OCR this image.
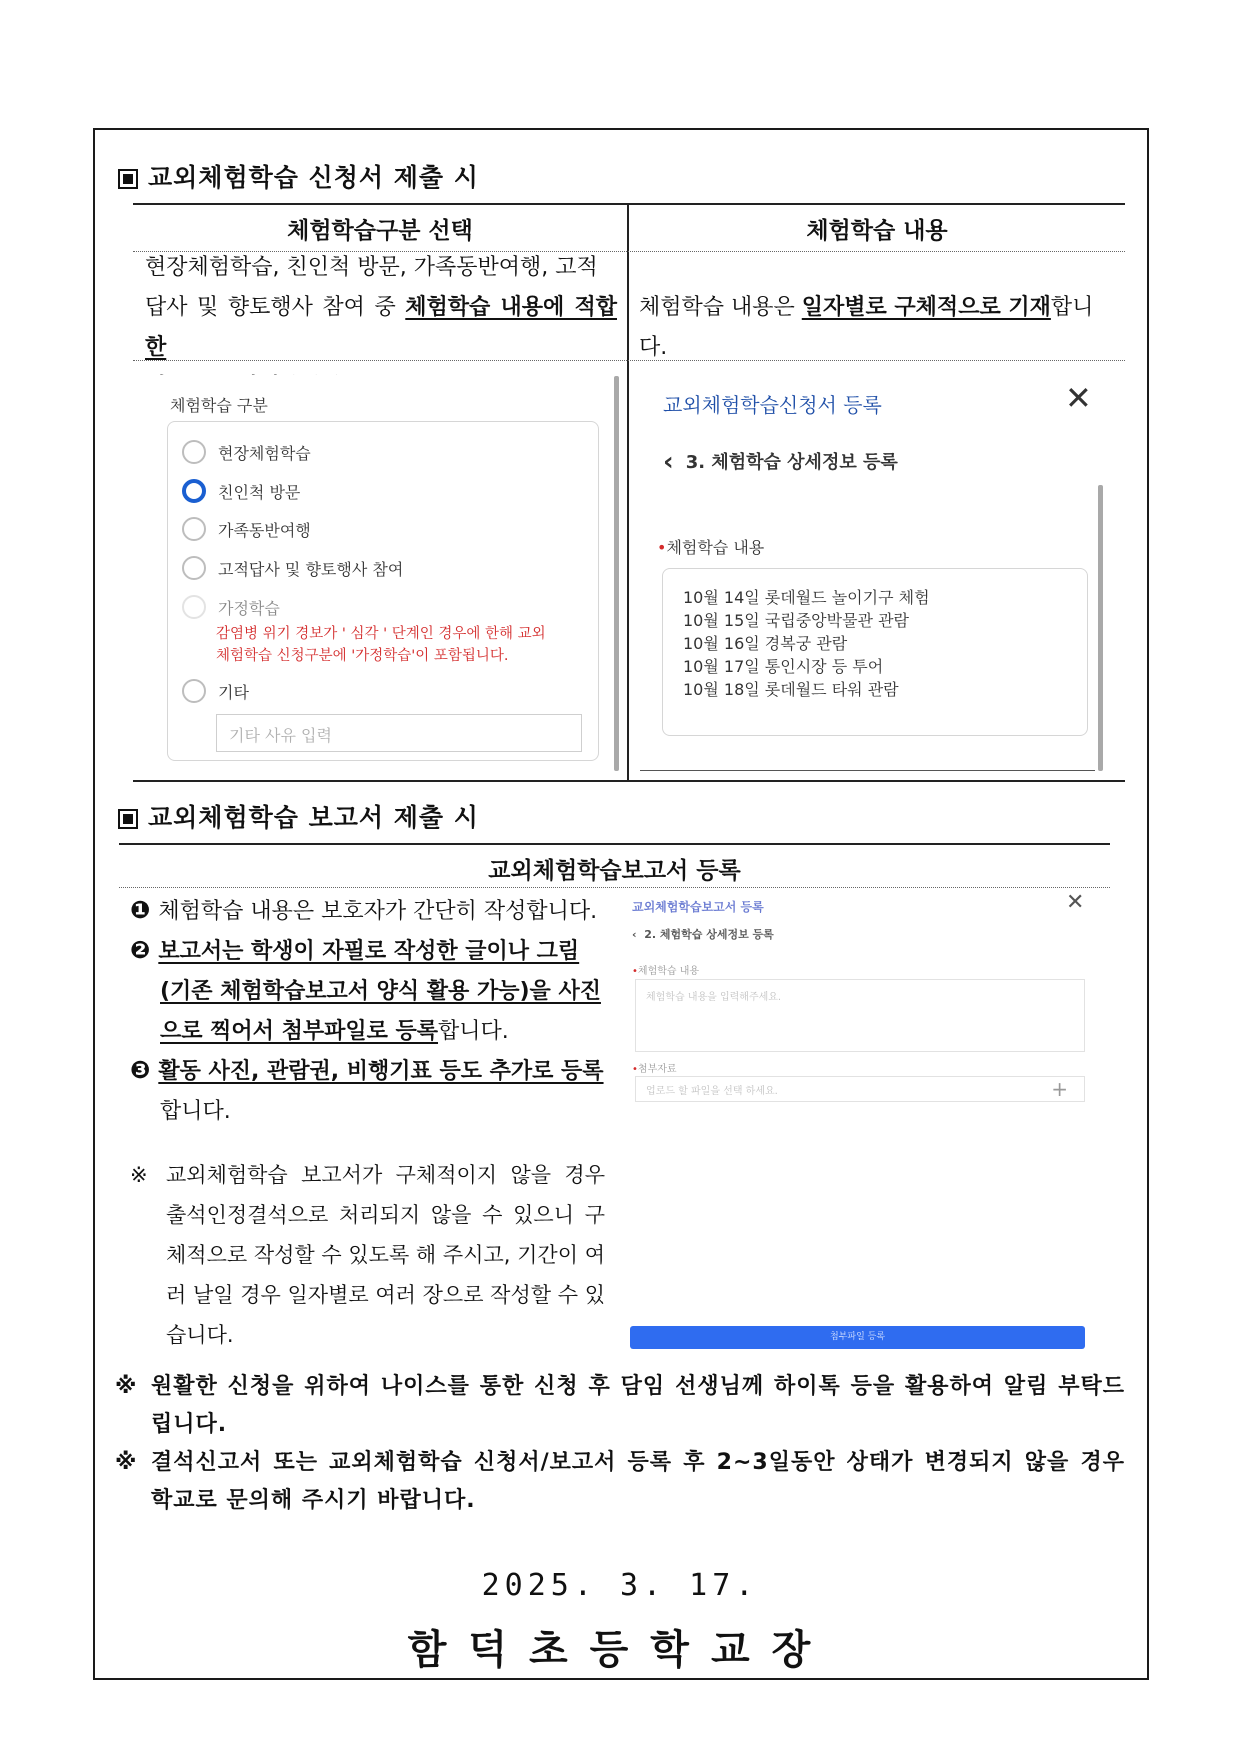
교외체험학습 신청서 제출 시
체험학습구분 선택	체험학습 내용
현장체험학습, 친인척 방문, 가족동반여행, 고적
답사 및 향토행사 참여 중 체험학습 내용에 적합한
체험학습 내용은 일자별로 구체적으로 기재합니다.
체험학습 구분
현장체험학습
친인척 방문
가족동반여행
고적답사 및 향토행사 참여
가정학습
감염병 위기 경보가 ' 심각 ' 단계인 경우에 한해 교외
체험학습 신청구분에 '가정학습'이 포함됩니다.
기타
기타 사유 입력
교외체험학습신청서 등록	✕
‹ 3. 체험학습 상세정보 등록
•체험학습 내용
10월 14일 롯데월드 놀이기구 체험
10월 15일 국립중앙박물관 관람
10월 16일 경복궁 관람
10월 17일 통인시장 등 투어
10월 18일 롯데월드 타워 관람
교외체험학습 보고서 제출 시
교외체험학습보고서 등록
❶ 체험학습 내용은 보호자가 간단히 작성합니다.
❷ 보고서는 학생이 자필로 작성한 글이나 그림
(기존 체험학습보고서 양식 활용 가능)을 사진
으로 찍어서 첨부파일로 등록합니다.
❸ 활동 사진, 관람권, 비행기표 등도 추가로 등록
합니다.
※ 교외체험학습 보고서가 구체적이지 않을 경우 출석인정결석으로 처리되지 않을 수 있으니 구체적으로 작성할 수 있도록 해 주시고, 기간이 여러 날일 경우 일자별로 여러 장으로 작성할 수 있습니다.
교외체험학습보고서 등록	✕
‹  2. 체험학습 상세정보 등록
•체험학습 내용
체험학습 내용을 입력해주세요.
•첨부자료
업로드 할 파일을 선택 하세요.	+
첨부파일 등록
※ 원활한 신청을 위하여 나이스를 통한 신청 후 담임 선생님께 하이톡 등을 활용하여 알림 부탁드립니다.
※ 결석신고서 또는 교외체험학습 신청서/보고서 등록 후 2~3일동안 상태가 변경되지 않을 경우 학교로 문의해 주시기 바랍니다.
2025. 3. 17.
함덕초등학교장
